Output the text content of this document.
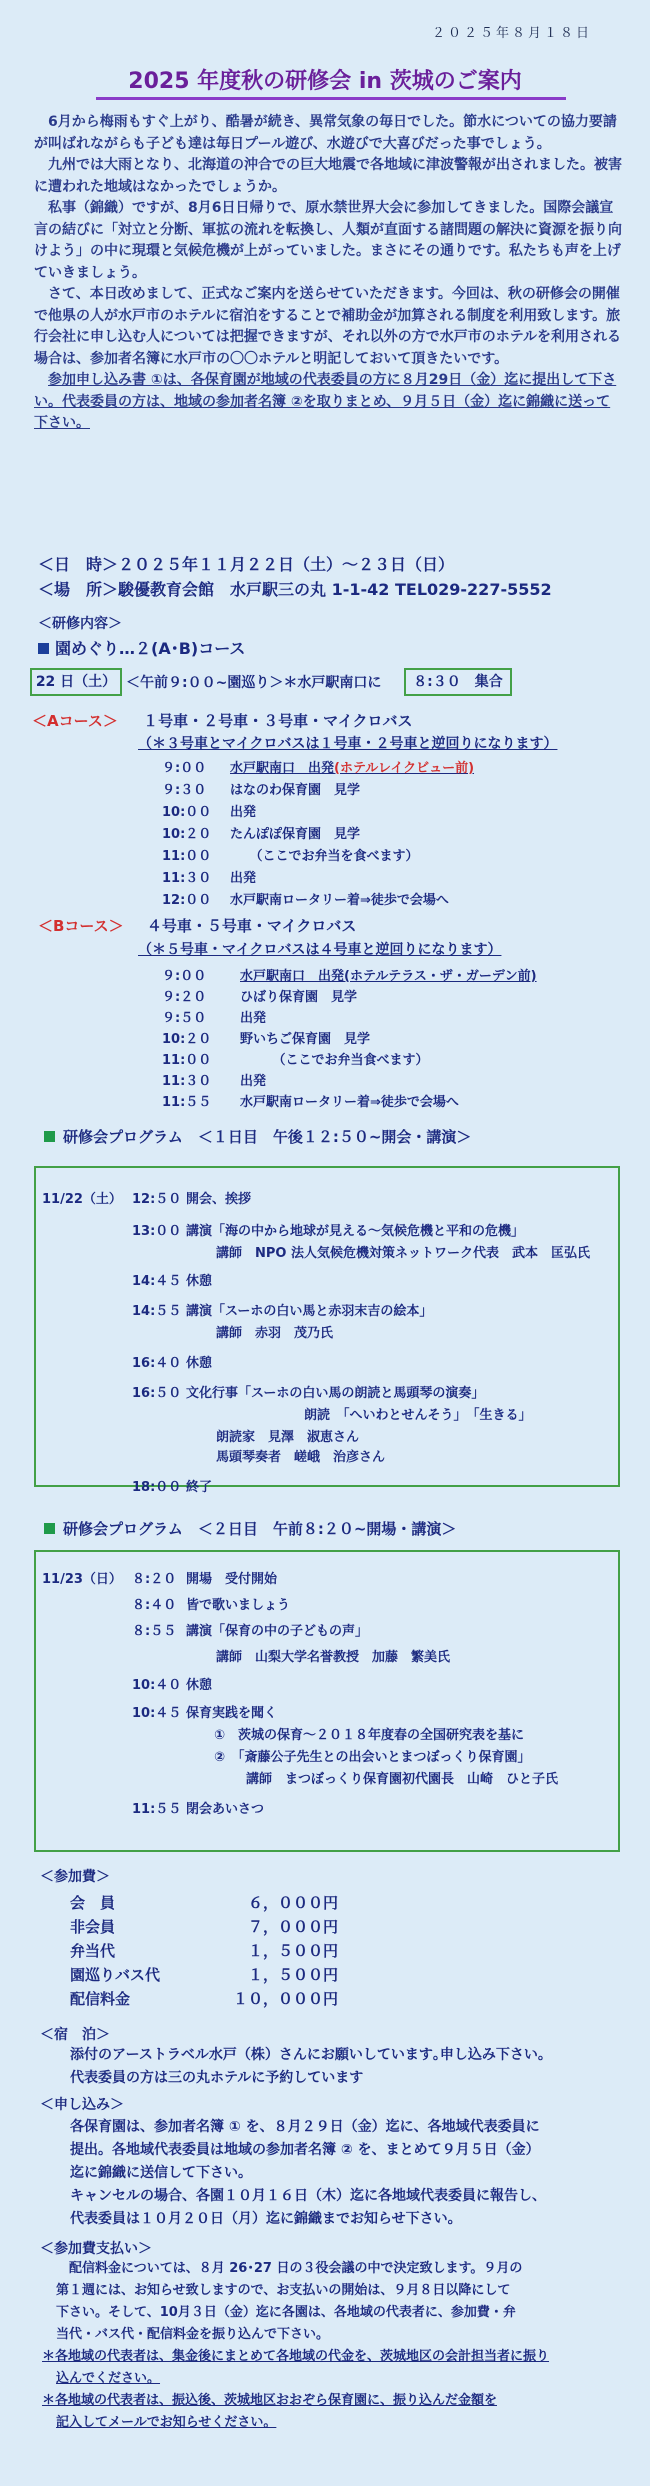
２０２５年８月１８日
2025 年度秋の研修会 in 茨城のご案内

6月から梅雨もすぐ上がり、酷暑が続き、異常気象の毎日でした。節水についての協力要請が叫ばれながらも子ども達は毎日プール遊び、水遊びで大喜びだった事でしょう。

九州では大雨となり、北海道の沖合での巨大地震で各地域に津波警報が出されました。被害に遭われた地域はなかったでしょうか。

私事（錦織）ですが、8月6日日帰りで、原水禁世界大会に参加してきました。国際会議宣言の結びに「対立と分断、軍拡の流れを転換し、人類が直面する諸問題の解決に資源を振り向けよう」の中に現環と気候危機が上がっていました。まさにその通りです。私たちも声を上げていきましょう。

さて、本日改めまして、正式なご案内を送らせていただきます。今回は、秋の研修会の開催で他県の人が水戸市のホテルに宿泊をすることで補助金が加算される制度を利用致します。旅行会社に申し込む人については把握できますが、それ以外の方で水戸市のホテルを利用される場合は、参加者名簿に水戸市の〇〇ホテルと明記しておいて頂きたいです。

参加申し込み書 ①は、各保育園が地域の代表委員の方に８月29日（金）迄に提出して下さい。代表委員の方は、地域の参加者名簿 ②を取りまとめ、９月５日（金）迄に錦織に送って下さい。

＜日　時＞２０２５年１１月２２日（土）～２３日（日）
＜場　所＞駿優教育会館　水戸駅三の丸 1-1-42 TEL029-227-5552
＜研修内容＞
園めぐり…２(A･B)コース
22 日（土） ＜午前９:００~園巡り＞＊水戸駅南口に	８:３０　集合
＜Aコース＞ １号車・２号車・３号車・マイクロバス
（＊３号車とマイクロバスは１号車・２号車と逆回りになります）
９:００ 水戸駅南口　出発(ホテルレイクビュー前)
９:３０ はなのわ保育園　見学
10:００ 出発
10:２０ たんぽぽ保育園　見学
11:００ 　　（ここでお弁当を食べます）
11:３０ 出発
12:００ 水戸駅南ロータリー着⇒徒歩で会場へ
＜Bコース＞ ４号車・５号車・マイクロバス
（＊５号車・マイクロバスは４号車と逆回りになります）
９:００	水戸駅南口　出発(ホテルテラス・ザ・ガーデン前)
９:２０	ひばり保育園　見学
９:５０	出発
10:２０ 野いちご保育園　見学
11:００ 　　　（ここでお弁当食べます）
11:３０ 出発
11:５５ 水戸駅南ロータリー着⇒徒歩で会場へ
研修会プログラム　＜１日目　午後１２:５０~開会・講演＞
11/22（土） 12:５０ 開会、挨拶
13:００ 講演「海の中から地球が見える～気候危機と平和の危機」
講師　NPO 法人気候危機対策ネットワーク代表　武本　匡弘氏
14:４５ 休憩
14:５５ 講演「スーホの白い馬と赤羽末吉の絵本」
講師　赤羽　茂乃氏
16:４０ 休憩
16:５０ 文化行事「スーホの白い馬の朗読と馬頭琴の演奏」
朗読　「へいわとせんそう」　「生きる」
朗読家　見澤　淑恵さん
馬頭琴奏者　嵯峨　治彦さん
18:００ 終了
研修会プログラム　＜２日目　午前８:２０~開場・講演＞
11/23（日） ８:２０ 開場　受付開始
８:４０ 皆で歌いましょう
８:５５ 講演「保育の中の子どもの声」
講師　山梨大学名誉教授　加藤　繁美氏
10:４０ 休憩
10:４５ 保育実践を聞く
①　茨城の保育～２０１８年度春の全国研究表を基に
②　「斎藤公子先生との出会いとまつぼっくり保育園」
講師　まつぼっくり保育園初代園長　山崎　ひと子氏
11:５５ 閉会あいさつ
＜参加費＞
会　員	６，０００円
非会員	７，０００円
弁当代	１，５００円
園巡りバス代	１，５００円
配信料金	１０，０００円
＜宿　泊＞
添付のアーストラベル水戸（株）さんにお願いしています｡申し込み下さい。
代表委員の方は三の丸ホテルに予約しています
＜申し込み＞
各保育園は、参加者名簿 ① を、８月２９日（金）迄に、各地域代表委員に
提出。各地域代表委員は地域の参加者名簿 ② を、まとめて９月５日（金）
迄に錦織に送信して下さい。
キャンセルの場合、各園１０月１６日（木）迄に各地域代表委員に報告し、
代表委員は１０月２０日（月）迄に錦織までお知らせ下さい。
＜参加費支払い＞
配信料金については、８月 26･27 日の３役会議の中で決定致します。９月の
第１週には、お知らせ致しますので、お支払いの開始は、９月８日以降にして
下さい。そして、10月３日（金）迄に各園は、各地域の代表者に、参加費・弁
当代・バス代・配信料金を振り込んで下さい。
＊各地域の代表者は、集金後にまとめて各地域の代金を、茨城地区の会計担当者に振り
込んでください。
＊各地域の代表者は、振込後、茨城地区おおぞら保育園に、振り込んだ金額を
記入してメールでお知らせください。
